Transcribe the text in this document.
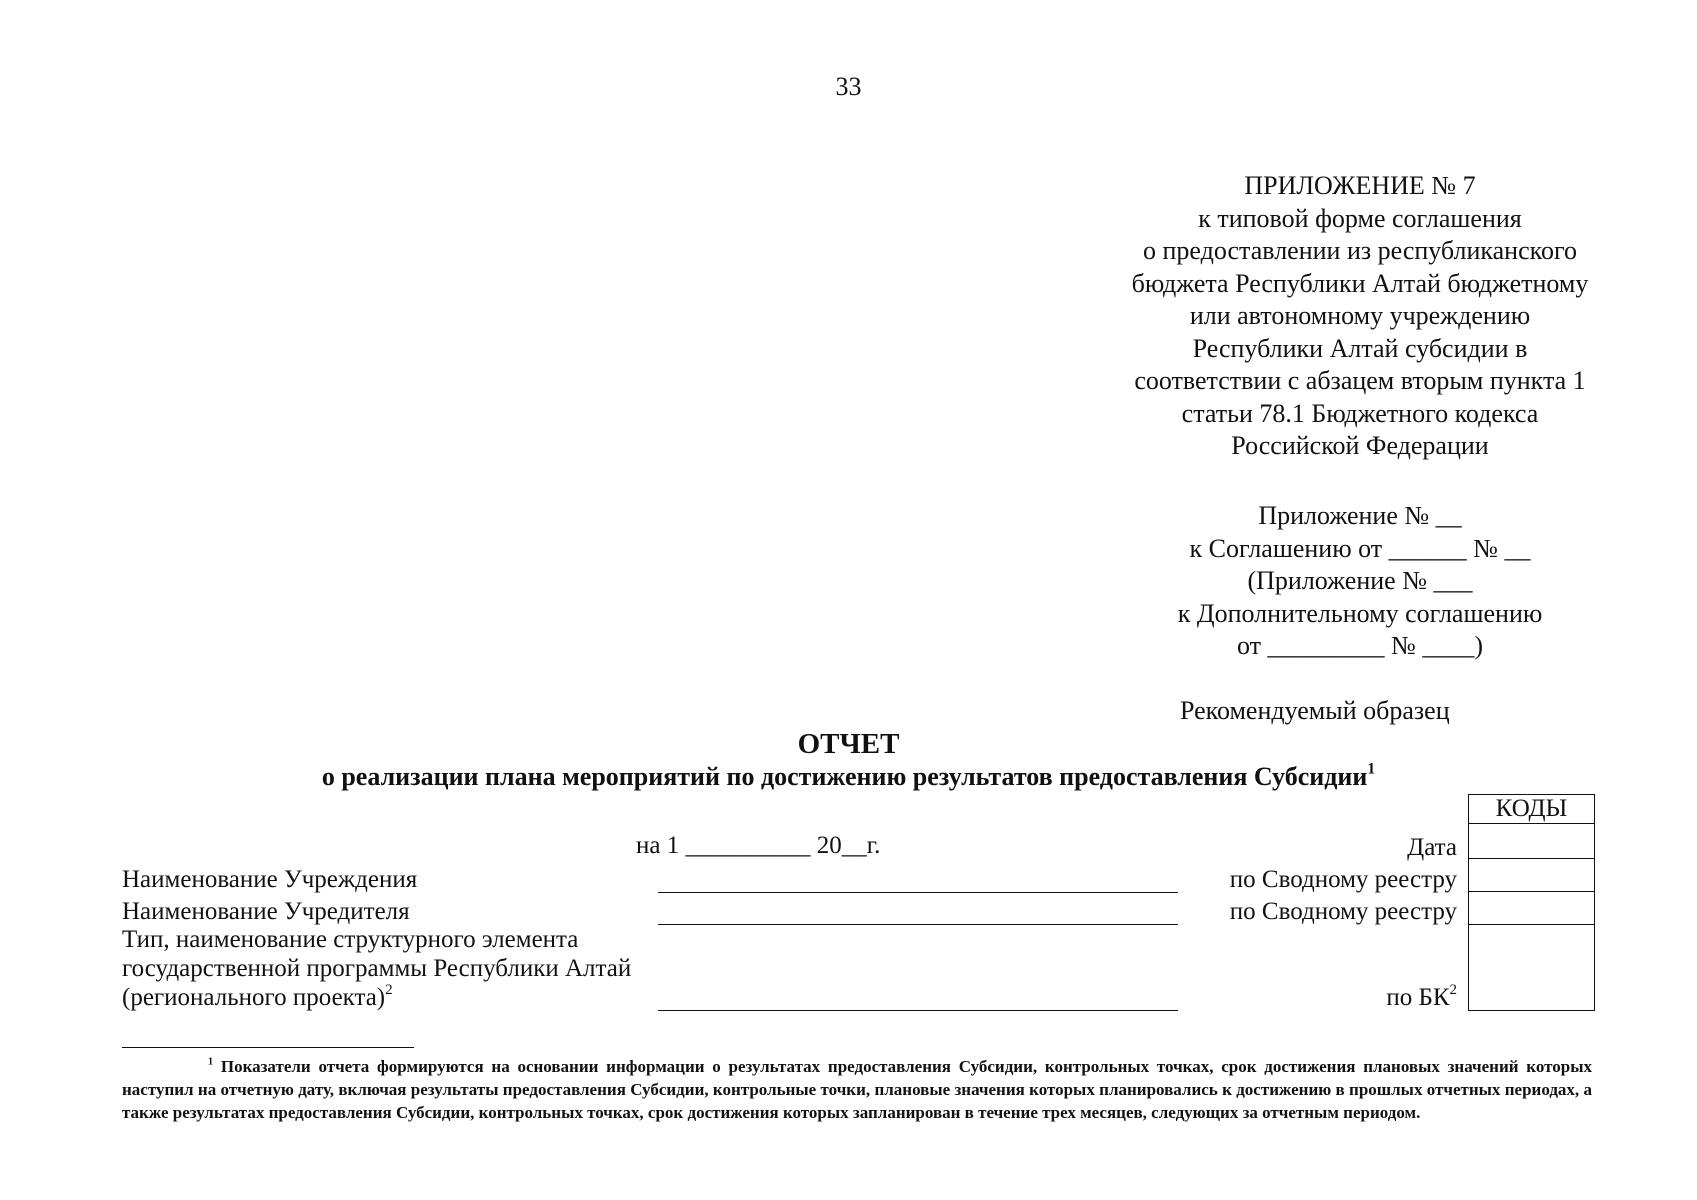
33
ПРИЛОЖЕНИЕ № 7
к типовой форме соглашения
о предоставлении из республиканского
бюджета Республики Алтай бюджетному
или автономному учреждению
Республики Алтай субсидии в
соответствии с абзацем вторым пункта 1
статьи 78.1 Бюджетного кодекса
Российской Федерации
Приложение № __
к Соглашению от ______ № __
(Приложение № ___
к Дополнительному соглашению
от _________ № ____)
Рекомендуемый образец
ОТЧЕТ
о реализации плана мероприятий по достижению результатов предоставления Субсидии$^1$
КОДЫ

на 1 __________ 20__г.	Дата
Наименование Учреждения	по Сводному реестру
Наименование Учредителя	по Сводному реестру
Тип, наименование структурного элемента
государственной программы Республики Алтай
(регионального проекта)$^2$	по $БК^2$
$^1$ Показатели отчета формируются на основании информации о результатах предоставления Субсидии, контрольных точках, срок достижения плановых значений которых наступил на отчетную дату, включая результаты предоставления Субсидии, контрольные точки, плановые значения которых планировались к достижению в прошлых отчетных периодах, а также результатах предоставления Субсидии, контрольных точках, срок достижения которых запланирован в течение трех месяцев, следующих за отчетным периодом.
